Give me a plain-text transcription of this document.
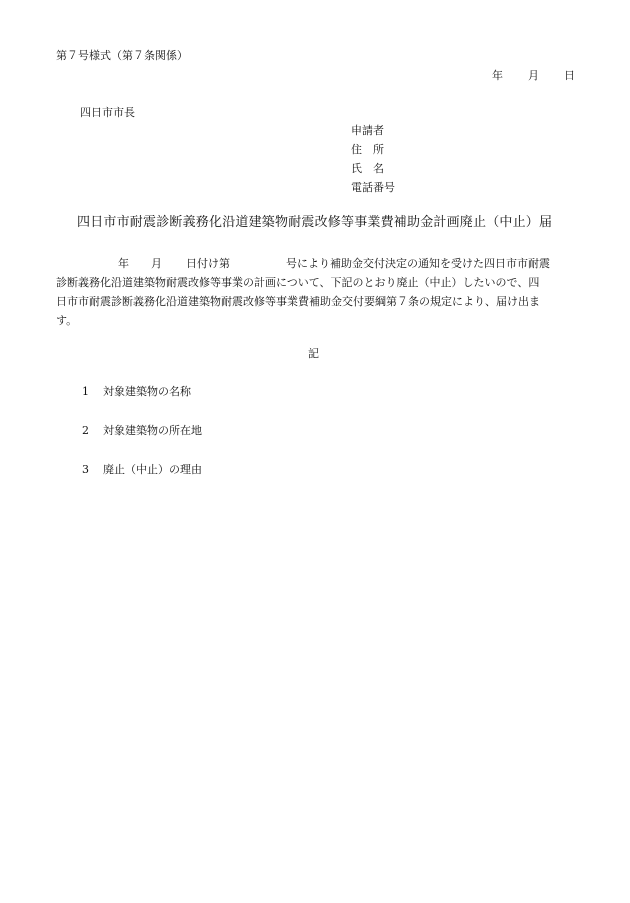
第７号様式（第７条関係）
年 月 日
四日市市長
申請者
住　所
氏　名
電話番号
四日市市耐震診断義務化沿道建築物耐震改修等事業費補助金計画廃止（中止）届
年 月 日付け第	号により補助金交付決定の通知を受けた四日市市耐震
診断義務化沿道建築物耐震改修等事業の計画について、下記のとおり廃止（中止）したいので、四
日市市耐震診断義務化沿道建築物耐震改修等事業費補助金交付要綱第７条の規定により、届け出ま
す。
記
1 対象建築物の名称
2 対象建築物の所在地
3 廃止（中止）の理由
